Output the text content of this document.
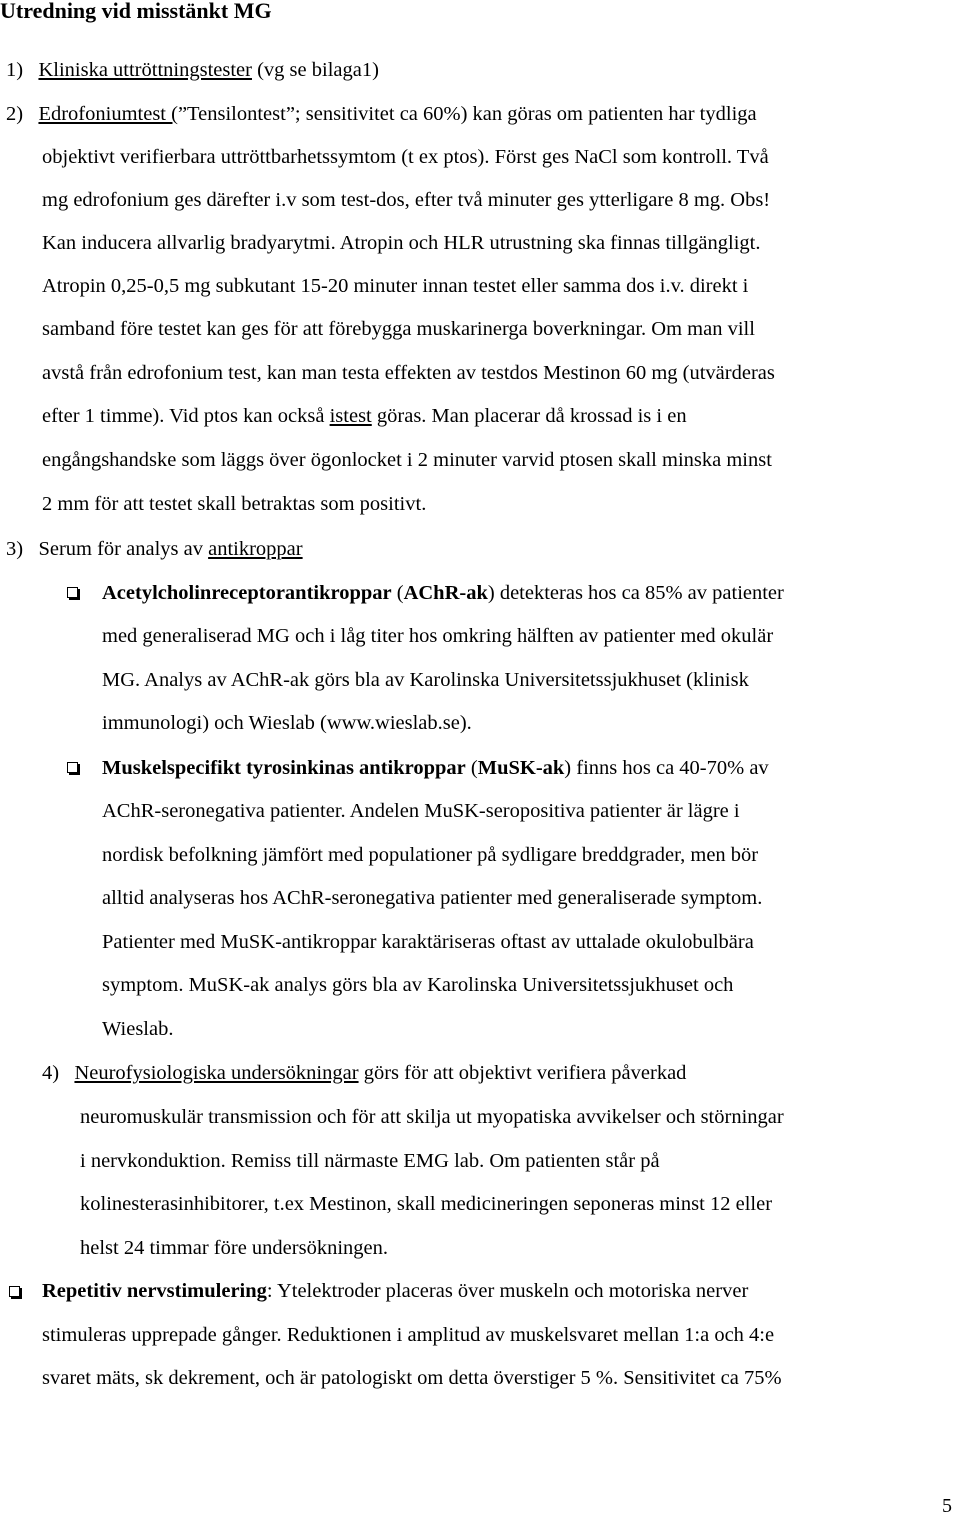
Utredning vid misstänkt MG
1) Kliniska uttröttningstester (vg se bilaga1)
2) Edrofoniumtest (”Tensilontest”; sensitivitet ca 60%) kan göras om patienten har tydliga
objektivt verifierbara uttröttbarhetssymtom (t ex ptos). Först ges NaCl som kontroll. Två
mg edrofonium ges därefter i.v som test-dos, efter två minuter ges ytterligare 8 mg. Obs!
Kan inducera allvarlig bradyarytmi. Atropin och HLR utrustning ska finnas tillgängligt.
Atropin 0,25-0,5 mg subkutant 15-20 minuter innan testet eller samma dos i.v. direkt i
samband före testet kan ges för att förebygga muskarinerga boverkningar. Om man vill
avstå från edrofonium test, kan man testa effekten av testdos Mestinon 60 mg (utvärderas
efter 1 timme). Vid ptos kan också istest göras. Man placerar då krossad is i en
engångshandske som läggs över ögonlocket i 2 minuter varvid ptosen skall minska minst
2 mm för att testet skall betraktas som positivt.
3) Serum för analys av antikroppar
Acetylcholinreceptorantikroppar (AChR-ak) detekteras hos ca 85% av patienter
med generaliserad MG och i låg titer hos omkring hälften av patienter med okulär
MG. Analys av AChR-ak görs bla av Karolinska Universitetssjukhuset (klinisk
immunologi) och Wieslab (www.wieslab.se).
Muskelspecifikt tyrosinkinas antikroppar (MuSK-ak) finns hos ca 40-70% av
AChR-seronegativa patienter. Andelen MuSK-seropositiva patienter är lägre i
nordisk befolkning jämfört med populationer på sydligare breddgrader, men bör
alltid analyseras hos AChR-seronegativa patienter med generaliserade symptom.
Patienter med MuSK-antikroppar karaktäriseras oftast av uttalade okulobulbära
symptom. MuSK-ak analys görs bla av Karolinska Universitetssjukhuset och
Wieslab.
4) Neurofysiologiska undersökningar görs för att objektivt verifiera påverkad
neuromuskulär transmission och för att skilja ut myopatiska avvikelser och störningar
i nervkonduktion. Remiss till närmaste EMG lab. Om patienten står på
kolinesterasinhibitorer, t.ex Mestinon, skall medicineringen seponeras minst 12 eller
helst 24 timmar före undersökningen.
Repetitiv nervstimulering: Ytelektroder placeras över muskeln och motoriska nerver
stimuleras upprepade gånger. Reduktionen i amplitud av muskelsvaret mellan 1:a och 4:e
svaret mäts, sk dekrement, och är patologiskt om detta överstiger 5 %. Sensitivitet ca 75%
5
